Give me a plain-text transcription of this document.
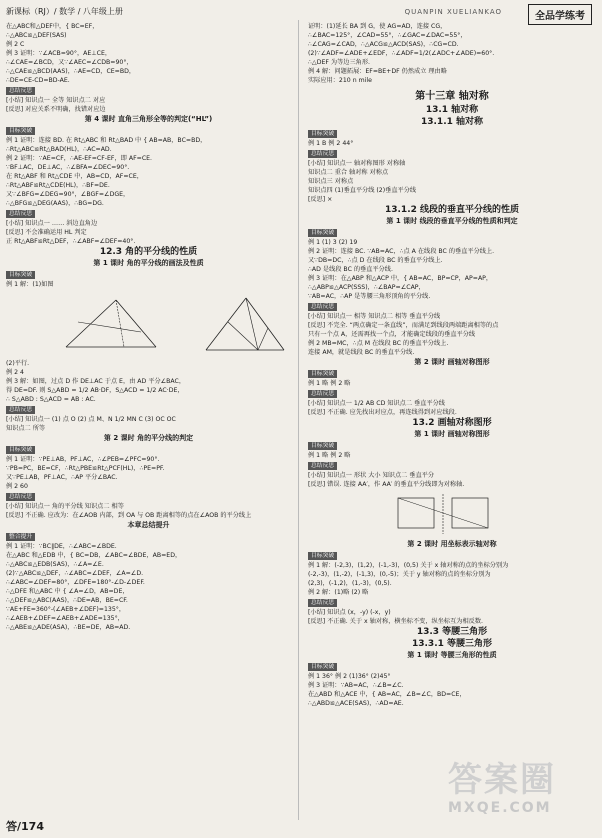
新课标（RJ）/ 数学 / 八年级上册	QUANPIN XUELIANKAO	全品学练考
在△ABC和△DEF中，{ BC=EF，
∴△ABC≌△DEF(SAS)
例 2 C
例 3 证明：∵∠ACB=90°，AE⊥CE，
∴∠CAE=∠BCD，又∵∠AEC=∠CDB=90°，
∴△CAE≌△BCD(AAS)，∴AE=CD，CE=BD，
∴DE=CE-CD=BD-AE.
总结反思
[小结] 知识点一 全等 知识点二 对应
[反思] 对应关系不明确，找错对应边
第 4 课时 直角三角形全等的判定(“HL”)
目标突破
例 1 证明：连接 BD. 在 Rt△ABC 和 Rt△BAD 中 { AB=AB，BC=BD，
∴Rt△ABC≌Rt△BAD(HL)，∴AC=AD.
例 2 证明：∵AE=CF，∴AE-EF=CF-EF，即 AF=CE.
∵BF⊥AC，DE⊥AC，∴∠BFA=∠DEC=90°.
在 Rt△ABF 和 Rt△CDE 中，AB=CD，AF=CE，
∴Rt△ABF≌Rt△CDE(HL)，∴BF=DE.
又∵∠BFG=∠DEG=90°，∠BGF=∠DGE，
∴△BFG≌△DEG(AAS)，∴BG=DG.
总结反思
[小结] 知识点一 …… 斜边直角边
[反思] 不会准确运用 HL 判定
正 Rt△ABF≌Rt△DEF，∴∠ABF=∠DEF=40°.
12.3 角的平分线的性质
第 1 课时 角的平分线的画法及性质
目标突破
例 1 解：(1)如图
(2)平行.
例 2 4
例 3 解：如图，过点 D 作 DE⊥AC 于点 E，由 AD 平分∠BAC，
得 DE=DF. 则 S△ABD = 1/2 AB·DF，S△ACD = 1/2 AC·DE，
∴ S△ABD : S△ACD = AB : AC.
总结反思
[小结] 知识点一 (1) 点 O (2) 点 M、N 1/2 MN C (3) OC OC
知识点二 所等
第 2 课时 角的平分线的判定
目标突破
例 1 证明：∵PE⊥AB，PF⊥AC，∴∠PEB=∠PFC=90°.
∵PB=PC，BE=CF，∴Rt△PBE≌Rt△PCF(HL)，∴PE=PF.
又∵PE⊥AB，PF⊥AC，∴AP 平分∠BAC.
例 2 60
总结反思
[小结] 知识点一 角的平分线 知识点二 相等
[反思] 不正确. 应改为：在∠AOB 内部，到 OA 与 OB 距离相等的点在∠AOB 的平分线上
本章总结提升
整合提升
例 1 证明：∵BC∥DE，∴∠ABC=∠BDE.
在△ABC 和△EDB 中，{ BC=DB，∠ABC=∠BDE，AB=ED，
∴△ABC≌△EDB(SAS)，∴∠A=∠E.
(2)∵△ABC≌△DEF，∴∠ABC=∠DEF，∠A=∠D.
∴∠ABC=∠DEF=80°，∠DFE=180°-∠D-∠DEF.
∴△DFE 和△ABC 中 { ∠A=∠D，AB=DE，
∴△DEF≌△ABC(AAS)，∴DE=AB，BE=CF.
∵AE+FE=360°-(∠AEB+∠DEF)=135°，
∴∠AEB+∠DEF=∠AEB+∠ADE=135°，
∴△ABE≌△ADE(ASA)，∴BE=DE，AB=AD.
证明：(1)延长 BA 到 G，使 AG=AD，连接 CG，
∴∠BAC=125°，∠CAD=55°，∴∠GAC=∠DAC=55°，
∴∠CAG=∠CAD，∴△ACG≌△ACD(SAS)，∴CG=CD.
(2)∵∠ADF=∠ADE+∠EDF，∴∠ADF=1/2(∠ADC+∠ADE)=60°.
∴△DEF 为等边三角形.
例 4 解：问题拓展：EF=BE+DF 仍然成立 理由略
实际应用：210 n mile
第十三章 轴对称
13.1 轴对称
13.1.1 轴对称
目标突破
例 1 B 例 2 44°
总结反思
[小结] 知识点一 轴对称图形 对称轴
知识点二 重合 轴对称 对称点
知识点三 对称点
知识点四 (1)垂直平分线 (2)垂直平分线
[反思] ×
13.1.2 线段的垂直平分线的性质
第 1 课时 线段的垂直平分线的性质和判定
目标突破
例 1 (1) 3 (2) 19
例 2 证明：连接 BC. ∵AB=AC，∴点 A 在线段 BC 的垂直平分线上.
又∵DB=DC，∴点 D 在线段 BC 的垂直平分线上.
∴AD 是线段 BC 的垂直平分线.
例 3 证明：在△ABP 和△ACP 中，{ AB=AC，BP=CP，AP=AP，
∴△ABP≌△ACP(SSS)，∴∠BAP=∠CAP，
∵AB=AC，∴AP 是等腰三角形顶角的平分线.
总结反思
[小结] 知识点一 相等 知识点二 相等 垂直平分线
[反思] 不完全. “两点确定一条直线”，而满足到线段两端距离相等的点
只有一个点 A，还需再找一个点，才能确定线段的垂直平分线
例 2 MB=MC，∴点 M 在线段 BC 的垂直平分线上.
连接 AM，就是线段 BC 的垂直平分线.
第 2 课时 画轴对称图形
目标突破
例 1 略 例 2 略
总结反思
[小结] 知识点一 1/2 AB CD 知识点二 垂直平分线
[反思] 不正确. 应先找出对应点，再连线得到对应线段.
13.2 画轴对称图形
第 1 课时 画轴对称图形
目标突破
例 1 略 例 2 略
总结反思
[小结] 知识点一 形状 大小 知识点二 垂直平分
[反思] 错误. 连接 AA′，作 AA′ 的垂直平分线即为对称轴.
第 2 课时 用坐标表示轴对称
目标突破
例 1 解：(-2,3)，(1,2)，(-1,-3)，(0,5) 关于 x 轴对称的点的坐标分别为
(-2,-3)，(1,-2)，(-1,3)，(0,-5)；关于 y 轴对称的点的坐标分别为
(2,3)，(-1,2)，(1,-3)，(0,5).
例 2 解：(1)略 (2) 略
总结反思
[小结] 知识点 (x，-y) (-x，y)
[反思] 不正确. 关于 x 轴对称，横坐标不变，纵坐标互为相反数.
13.3 等腰三角形
13.3.1 等腰三角形
第 1 课时 等腰三角形的性质
目标突破
例 1 36° 例 2 (1)36° (2)45°
例 3 证明：∵AB=AC，∴∠B=∠C.
在△ABD 和△ACE 中，{ AB=AC，∠B=∠C，BD=CE，
∴△ABD≌△ACE(SAS)，∴AD=AE.
答/174
答案圈
MXQE.COM
